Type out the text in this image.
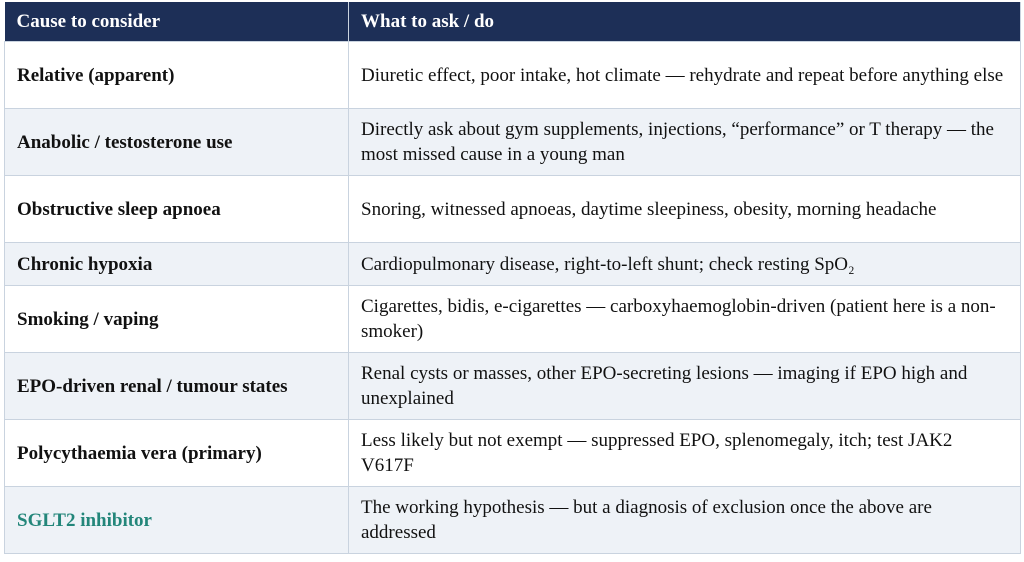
Cause to consider	What to ask / do
Relative (apparent)	Diuretic effect, poor intake, hot climate — rehydrate and repeat before anything else
Anabolic / testosterone use	Directly ask about gym supplements, injections, “performance” or T therapy — the most missed cause in a young man
Obstructive sleep apnoea	Snoring, witnessed apnoeas, daytime sleepiness, obesity, morning headache
Chronic hypoxia	Cardiopulmonary disease, right-to-left shunt; check resting SpO₂
Smoking / vaping	Cigarettes, bidis, e-cigarettes — carboxyhaemoglobin-driven (patient here is a non-smoker)
EPO-driven renal / tumour states	Renal cysts or masses, other EPO-secreting lesions — imaging if EPO high and unexplained
Polycythaemia vera (primary)	Less likely but not exempt — suppressed EPO, splenomegaly, itch; test JAK2 V617F
SGLT2 inhibitor	The working hypothesis — but a diagnosis of exclusion once the above are addressed
